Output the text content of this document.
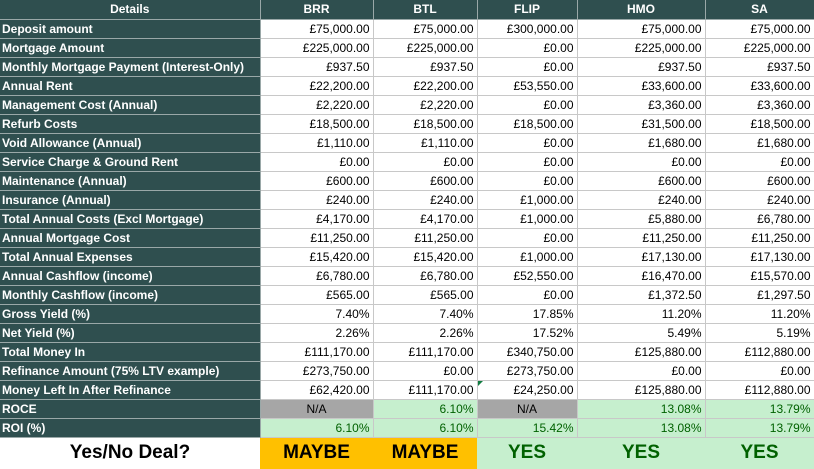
Details	BRR	BTL	FLIP	HMO	SA
Deposit amount	£75,000.00	£75,000.00	£300,000.00	£75,000.00	£75,000.00
Mortgage Amount	£225,000.00	£225,000.00	£0.00	£225,000.00	£225,000.00
Monthly Mortgage Payment (Interest-Only)	£937.50	£937.50	£0.00	£937.50	£937.50
Annual Rent	£22,200.00	£22,200.00	£53,550.00	£33,600.00	£33,600.00
Management Cost (Annual)	£2,220.00	£2,220.00	£0.00	£3,360.00	£3,360.00
Refurb Costs	£18,500.00	£18,500.00	£18,500.00	£31,500.00	£18,500.00
Void Allowance (Annual)	£1,110.00	£1,110.00	£0.00	£1,680.00	£1,680.00
Service Charge & Ground Rent	£0.00	£0.00	£0.00	£0.00	£0.00
Maintenance (Annual)	£600.00	£600.00	£0.00	£600.00	£600.00
Insurance (Annual)	£240.00	£240.00	£1,000.00	£240.00	£240.00
Total Annual Costs (Excl Mortgage)	£4,170.00	£4,170.00	£1,000.00	£5,880.00	£6,780.00
Annual Mortgage Cost	£11,250.00	£11,250.00	£0.00	£11,250.00	£11,250.00
Total Annual Expenses	£15,420.00	£15,420.00	£1,000.00	£17,130.00	£17,130.00
Annual Cashflow (income)	£6,780.00	£6,780.00	£52,550.00	£16,470.00	£15,570.00
Monthly Cashflow (income)	£565.00	£565.00	£0.00	£1,372.50	£1,297.50
Gross Yield (%)	7.40%	7.40%	17.85%	11.20%	11.20%
Net Yield (%)	2.26%	2.26%	17.52%	5.49%	5.19%
Total Money In	£111,170.00	£111,170.00	£340,750.00	£125,880.00	£112,880.00
Refinance Amount (75% LTV example)	£273,750.00	£0.00	£273,750.00	£0.00	£0.00
Money Left In After Refinance	£62,420.00	£111,170.00	£24,250.00	£125,880.00	£112,880.00
ROCE	N/A	6.10%	N/A	13.08%	13.79%
ROI (%)	6.10%	6.10%	15.42%	13.08%	13.79%
Yes/No Deal?	MAYBE	MAYBE	YES	YES	YES
